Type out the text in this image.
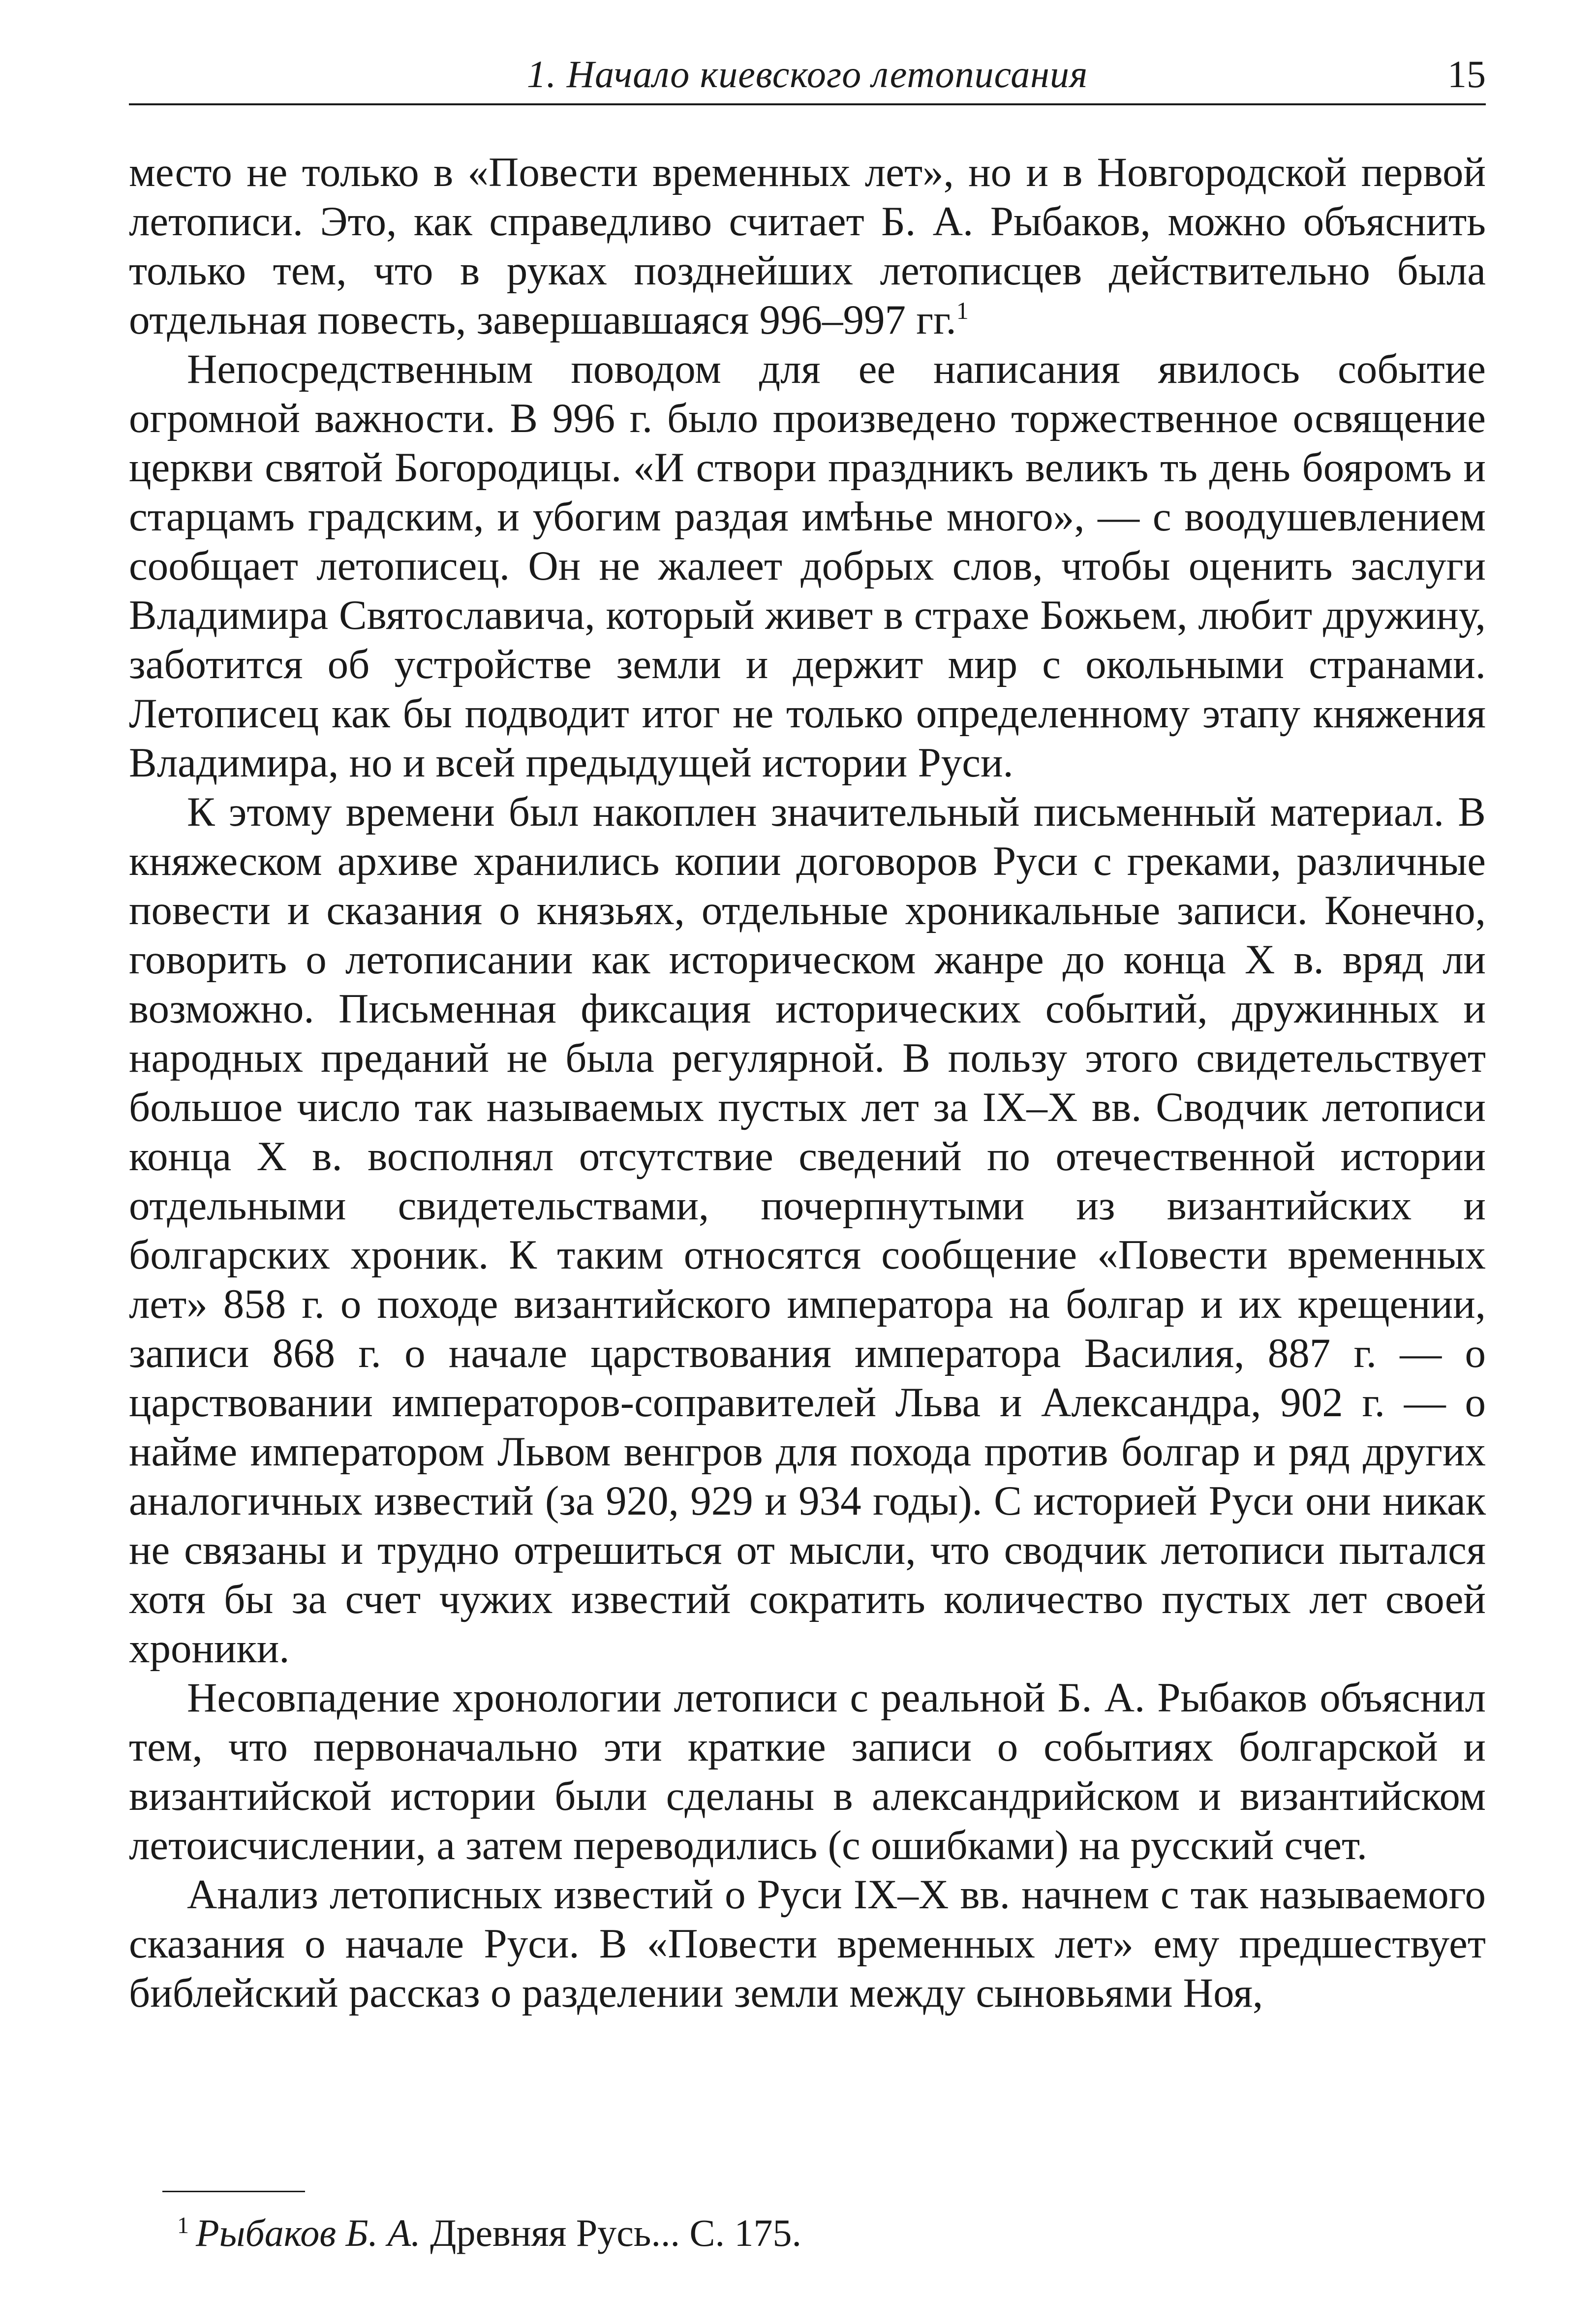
1. Начало киевского летописания	15

место не только в «Повести временных лет», но и в Новгородской первой летописи. Это, как справедливо считает Б. А. Рыбаков, можно объяснить только тем, что в руках позднейших летописцев действительно была отдельная повесть, завершавшаяся 996–997 гг.$^1$

Непосредственным поводом для ее написания явилось событие огромной важности. В 996 г. было произведено торжественное освящение церкви святой Богородицы. «И створи праздникъ великъ ть день бояромъ и старцамъ градским, и убогим раздая имѣнье много», — с воодушевлением сообщает летописец. Он не жалеет добрых слов, чтобы оценить заслуги Владимира Святославича, который живет в страхе Божьем, любит дружину, заботится об устройстве земли и держит мир с окольными странами. Летописец как бы подводит итог не только определенному этапу княжения Владимира, но и всей предыдущей истории Руси.

К этому времени был накоплен значительный письменный материал. В княжеском архиве хранились копии договоров Руси с греками, различные повести и сказания о князьях, отдельные хроникальные записи. Конечно, говорить о летописании как историческом жанре до конца X в. вряд ли возможно. Письменная фиксация исторических событий, дружинных и народных преданий не была регулярной. В пользу этого свидетельствует большое число так называемых пустых лет за IX–X вв. Сводчик летописи конца X в. восполнял отсутствие сведений по отечественной истории отдельными свидетельствами, почерпнутыми из византийских и болгарских хроник. К таким относятся сообщение «Повести временных лет» 858 г. о походе византийского императора на болгар и их крещении, записи 868 г. о начале царствования императора Василия, 887 г. — о царствовании императоров-соправителей Льва и Александра, 902 г. — о найме императором Львом венгров для похода против болгар и ряд других аналогичных известий (за 920, 929 и 934 годы). С историей Руси они никак не связаны и трудно отрешиться от мысли, что сводчик летописи пытался хотя бы за счет чужих известий сократить количество пустых лет своей хроники.

Несовпадение хронологии летописи с реальной Б. А. Рыбаков объяснил тем, что первоначально эти краткие записи о событиях болгарской и византийской истории были сделаны в александрийском и византийском летоисчислении, а затем переводились (с ошибками) на русский счет.

Анализ летописных известий о Руси IX–X вв. начнем с так называемого сказания о начале Руси. В «Повести временных лет» ему предшествует библейский рассказ о разделении земли между сыновьями Ноя,

$^1$ Рыбаков Б. А. Древняя Русь... С. 175.
